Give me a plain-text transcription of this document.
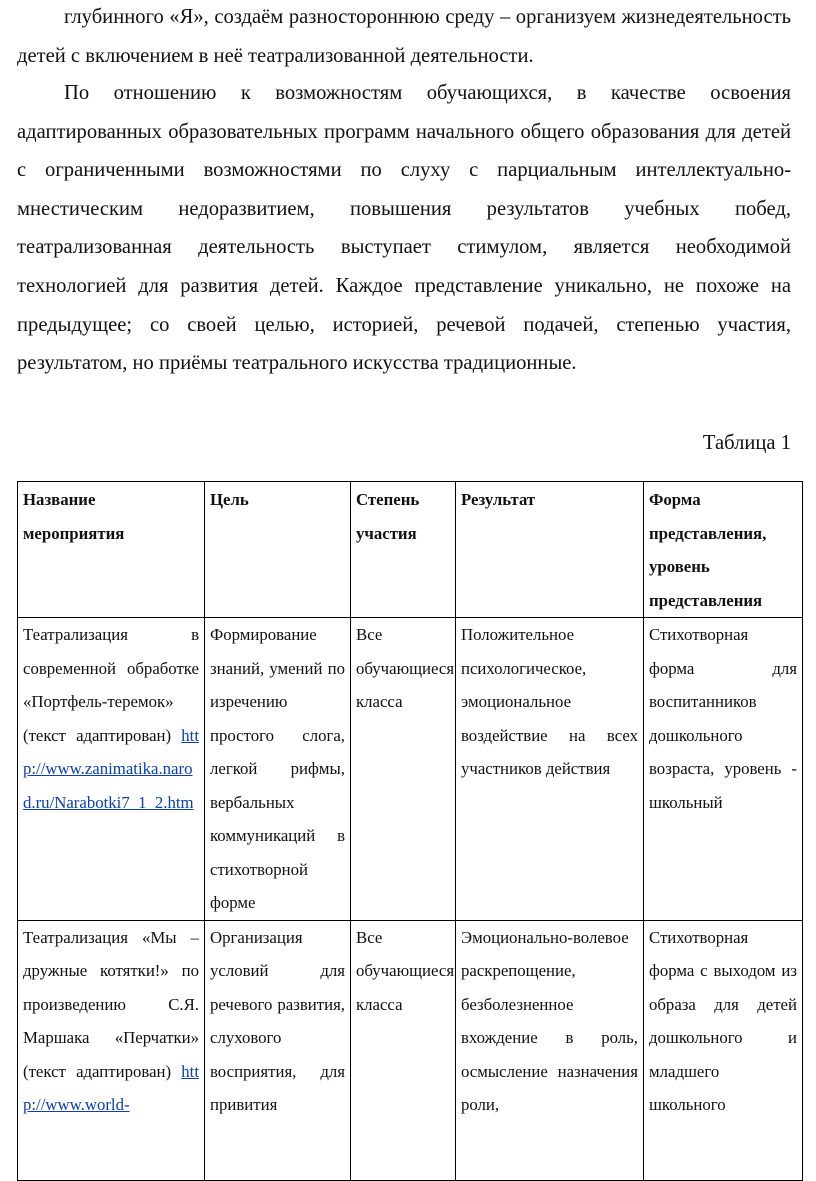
глубинного «Я», создаём разностороннюю среду – организуем жизнедеятельность детей с включением в неё театрализованной деятельности.

По отношению к возможностям обучающихся, в качестве освоения адаптированных образовательных программ начального общего образования для детей с ограниченными возможностями по слуху с парциальным интеллектуально-мнестическим недоразвитием, повышения результатов учебных побед, театрализованная деятельность выступает стимулом, является необходимой технологией для развития детей. Каждое представление уникально, не похоже на предыдущее; со своей целью, историей, речевой подачей, степенью участия, результатом, но приёмы театрального искусства традиционные.

Таблица 1
Название мероприятия	Цель	Степень участия	Результат	Форма представления, уровень представления
Театрализация в современной обработке «Портфель-теремок» (текст адаптирован) http://www.zanimatika.narod.ru/Narabotki7_1_2.htm	Формирование знаний, умений по изречению простого слога, легкой рифмы, вербальных коммуникаций в стихотворной форме	Все обучающиеся класса	Положительное психологическое, эмоциональное воздействие на всех участников действия	Стихотворная форма для воспитанников дошкольного возраста, уровень - школьный
Театрализация «Мы – дружные котятки!» по произведению С.Я. Маршака «Перчатки» (текст адаптирован) http://www.world-	Организация условий для речевого развития, слухового восприятия, для привития	Все обучающиеся класса	Эмоционально-волевое раскрепощение, безболезненное вхождение в роль, осмысление назначения роли,	Стихотворная форма с выходом из образа для детей дошкольного и младшего школьного
